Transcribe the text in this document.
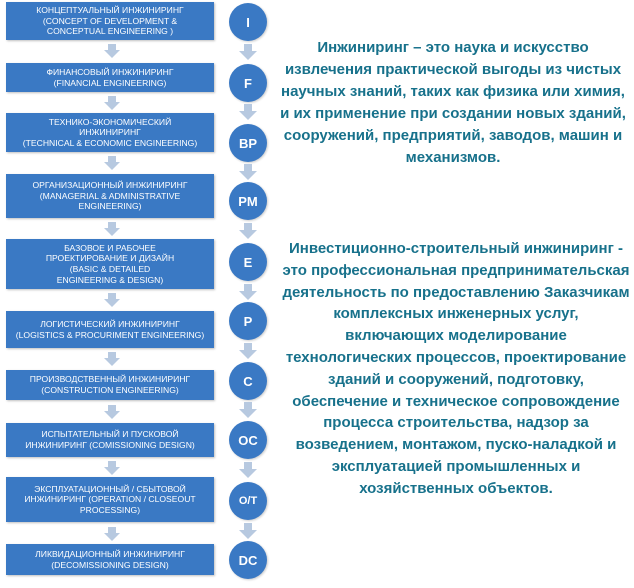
КОНЦЕПТУАЛЬНЫЙ ИНЖИНИРИНГ
(CONCEPT OF DEVELOPMENT &
CONCEPTUAL ENGINEERING )
ФИНАНСОВЫЙ ИНЖИНИРИНГ
(FINANCIAL ENGINEERING)
ТЕХНИКО-ЭКОНОМИЧЕСКИЙ
ИНЖИНИРИНГ
(TECHNICAL & ECONOMIC ENGINEERING)
ОРГАНИЗАЦИОННЫЙ ИНЖИНИРИНГ
(MANAGERIAL & ADMINISTRATIVE
ENGINEERING)
БАЗОВОЕ И РАБОЧЕЕ
ПРОЕКТИРОВАНИЕ И ДИЗАЙН
(BASIC & DETAILED
ENGINEERING & DESIGN)
ЛОГИСТИЧЕСКИЙ ИНЖИНИРИНГ
(LOGISTICS & PROCURIMENT ENGINEERING)
ПРОИЗВОДСТВЕННЫЙ ИНЖИНИРИНГ
(CONSTRUCTION ENGINEERING)
ИСПЫТАТЕЛЬНЫЙ И ПУСКОВОЙ
ИНЖИНИРИНГ (COMISSIONING DESIGN)
ЭКСПЛУАТАЦИОННЫЙ / СБЫТОВОЙ
ИНЖИНИРИНГ (OPERATION / CLOSEOUT
PROCESSING)
ЛИКВИДАЦИОННЫЙ ИНЖИНИРИНГ
(DECOMISSIONING DESIGN)
I
F
BP
PM
E
P
C
OC
O/T
DC
Инжиниринг – это наука и искусство
извлечения практической выгоды из чистых
научных знаний, таких как физика или химия,
и их применение при создании новых зданий,
сооружений, предприятий, заводов, машин и
механизмов.
Инвестиционно-строительный инжиниринг -
это профессиональная предпринимательская
деятельность по предоставлению Заказчикам
комплексных инженерных услуг,
включающих моделирование
технологических процессов, проектирование
зданий и сооружений, подготовку,
обеспечение и техническое сопровождение
процесса строительства, надзор за
возведением, монтажом, пуско-наладкой и
эксплуатацией промышленных и
хозяйственных объектов.
